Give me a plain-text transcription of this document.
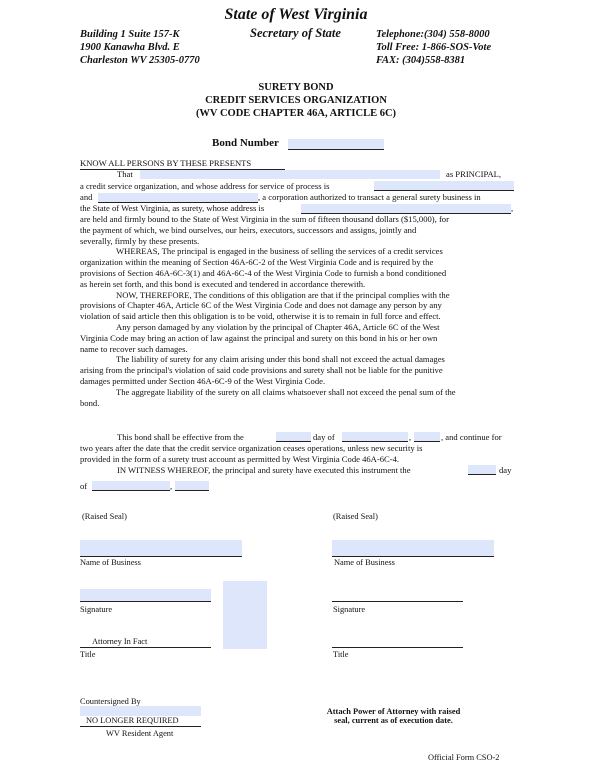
State of West Virginia
Secretary of State
Building 1 Suite 157-K
1900 Kanawha Blvd. E
Charleston WV 25305-0770
Telephone:(304) 558-8000
Toll Free: 1-866-SOS-Vote
FAX: (304)558-8381
SURETY BOND
CREDIT SERVICES ORGANIZATION
(WV CODE CHAPTER 46A, ARTICLE 6C)
Bond Number
KNOW ALL PERSONS BY THESE PRESENTS
That	as PRINCIPAL,
a credit service organization, and whose address for service of process is
and	, a corporation authorized to transact a general surety business in
the State of West Virginia, as surety, whose address is	,
are held and firmly bound to the State of West Virginia in the sum of fifteen thousand dollars ($15,000), for
the payment of which, we bind ourselves, our heirs, executors, successors and assigns, jointly and
severally, firmly by these presents.
WHEREAS, The principal is engaged in the business of selling the services of a credit services
organization within the meaning of Section 46A-6C-2 of the West Virginia Code and is required by the
provisions of Section 46A-6C-3(1) and 46A-6C-4 of the West Virginia Code to furnish a bond conditioned
as herein set forth, and this bond is executed and tendered in accordance therewith.
NOW, THEREFORE, The conditions of this obligation are that if the principal complies with the
provisions of Chapter 46A, Article 6C of the West Virginia Code and does not damage any person by any
violation of said article then this obligation is to be void, otherwise it is to remain in full force and effect.
Any person damaged by any violation by the principal of Chapter 46A, Article 6C of the West
Virginia Code may bring an action of law against the principal and surety on this bond in his or her own
name to recover such damages.
The liability of surety for any claim arising under this bond shall not exceed the actual damages
arising from the principal's violation of said code provisions and surety shall not be liable for the punitive
damages permitted under Section 46A-6C-9 of the West Virginia Code.
The aggregate liability of the surety on all claims whatsoever shall not exceed the penal sum of the
bond.
This bond shall be effective from the	day of	,	, and continue for
two years after the date that the credit service organization ceases operations, unless new security is
provided in the form of a surety trust account as permitted by West Virginia Code 46A-6C-4.
IN WITNESS WHEREOF, the principal and surety have executed this instrument the	day
of	,
(Raised Seal)	(Raised Seal)
Name of Business	Name of Business
Signature	Signature
Attorney In Fact
Title	Title
Countersigned By
NO LONGER REQUIRED
WV Resident Agent
Attach Power of Attorney with raised
seal, current as of execution date.
Official Form CSO-2
